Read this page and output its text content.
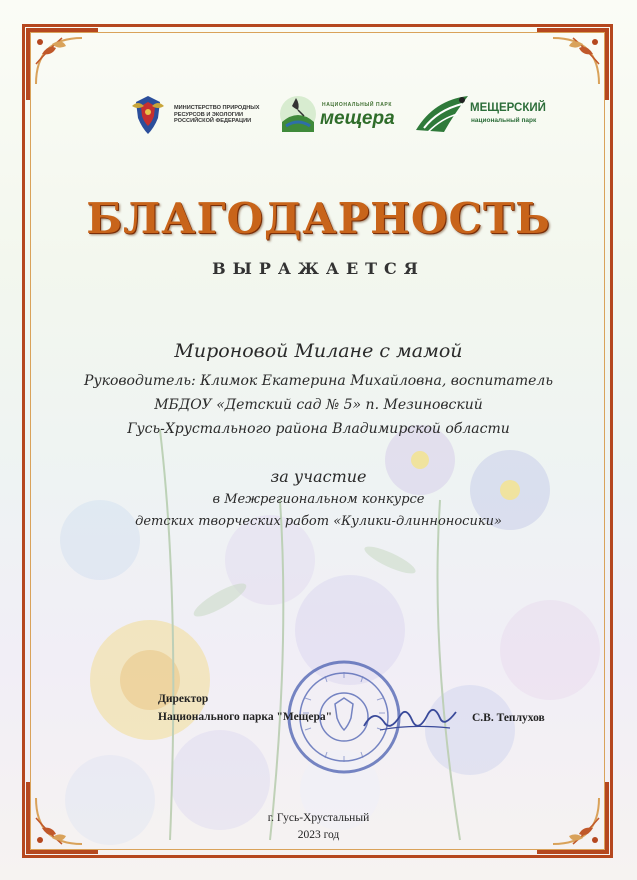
МИНИСТЕРСТВО ПРИРОДНЫХ РЕСУРСОВ И ЭКОЛОГИИ РОССИЙСКОЙ ФЕДЕРАЦИИ
НАЦИОНАЛЬНЫЙ ПАРК
мещера	МЕЩЕРСКИЙ
национальный парк
БЛАГОДАРНОСТЬ
ВЫРАЖАЕТСЯ
Мироновой Милане с мамой
Руководитель: Климок Екатерина Михайловна, воспитатель
МБДОУ «Детский сад № 5» п. Мезиновский
Гусь-Хрустального района Владимирской области
за участие
в Межрегиональном конкурсе
детских творческих работ «Кулики-длинноносики»
Директор
Национального парка "Мещера"	С.В. Теплухов
г. Гусь-Хрустальный
2023 год
